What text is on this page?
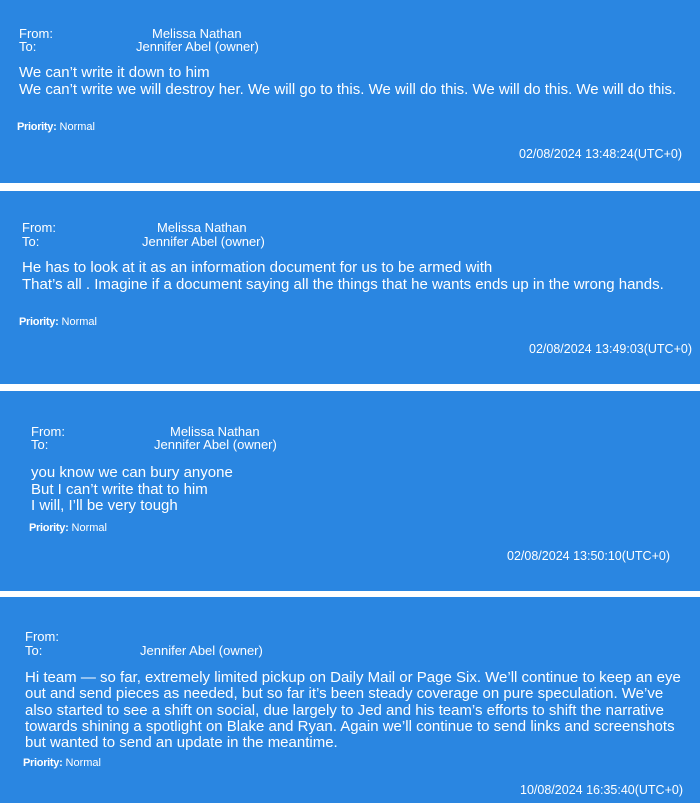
From:	Melissa Nathan
To:	Jennifer Abel (owner)
We can’t write it down to him
We can’t write we will destroy her. We will go to this. We will do this. We will do this. We will do this.
Priority: Normal
02/08/2024 13:48:24(UTC+0)
From:	Melissa Nathan
To:	Jennifer Abel (owner)
He has to look at it as an information document for us to be armed with
That’s all . Imagine if a document saying all the things that he wants ends up in the wrong hands.
Priority: Normal
02/08/2024 13:49:03(UTC+0)
From:	Melissa Nathan
To:	Jennifer Abel (owner)
you know we can bury anyone
But I can’t write that to him
I will, I’ll be very tough
Priority: Normal
02/08/2024 13:50:10(UTC+0)
From:
To:	Jennifer Abel (owner)
Hi team — so far, extremely limited pickup on Daily Mail or Page Six. We’ll continue to keep an eye out and send pieces as needed, but so far it’s been steady coverage on pure speculation. We’ve also started to see a shift on social, due largely to Jed and his team’s efforts to shift the narrative towards shining a spotlight on Blake and Ryan. Again we’ll continue to send links and screenshots but wanted to send an update in the meantime.
Priority: Normal
10/08/2024 16:35:40(UTC+0)
